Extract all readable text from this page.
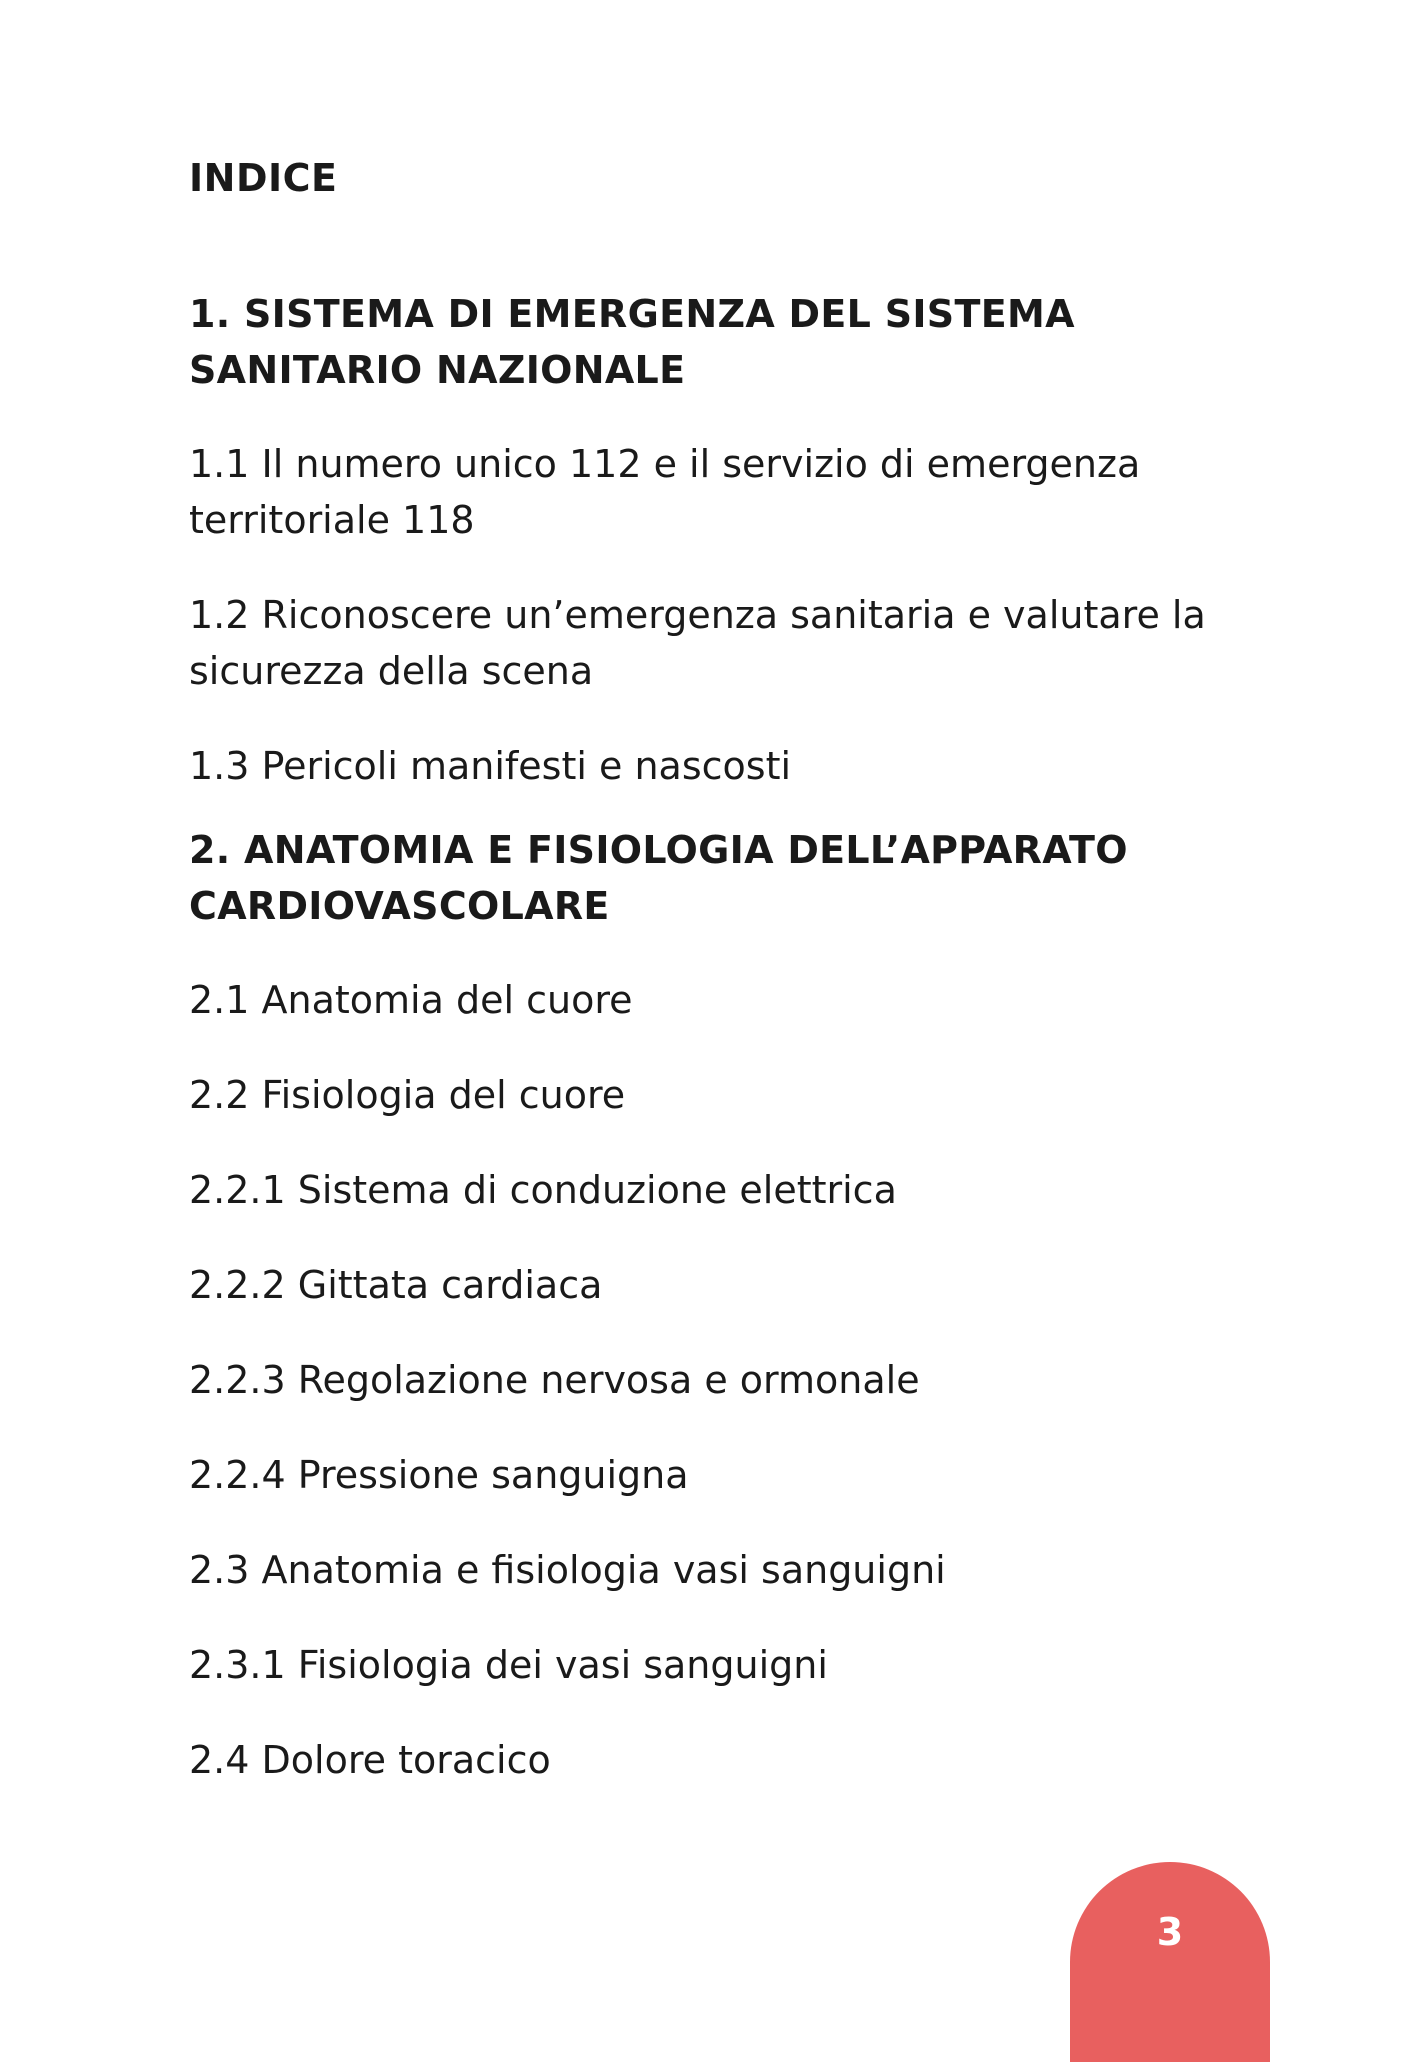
INDICE
1. SISTEMA DI EMERGENZA DEL SISTEMA SANITARIO NAZIONALE
1.1 Il numero unico 112 e il servizio di emergenza territoriale 118
1.2 Riconoscere un’emergenza sanitaria e valutare la sicurezza della scena
1.3 Pericoli manifesti e nascosti
2. ANATOMIA E FISIOLOGIA DELL’APPARATO CARDIOVASCOLARE
2.1 Anatomia del cuore
2.2 Fisiologia del cuore
2.2.1 Sistema di conduzione elettrica
2.2.2 Gittata cardiaca
2.2.3 Regolazione nervosa e ormonale
2.2.4 Pressione sanguigna
2.3 Anatomia e fisiologia vasi sanguigni
2.3.1 Fisiologia dei vasi sanguigni
2.4 Dolore toracico
3
